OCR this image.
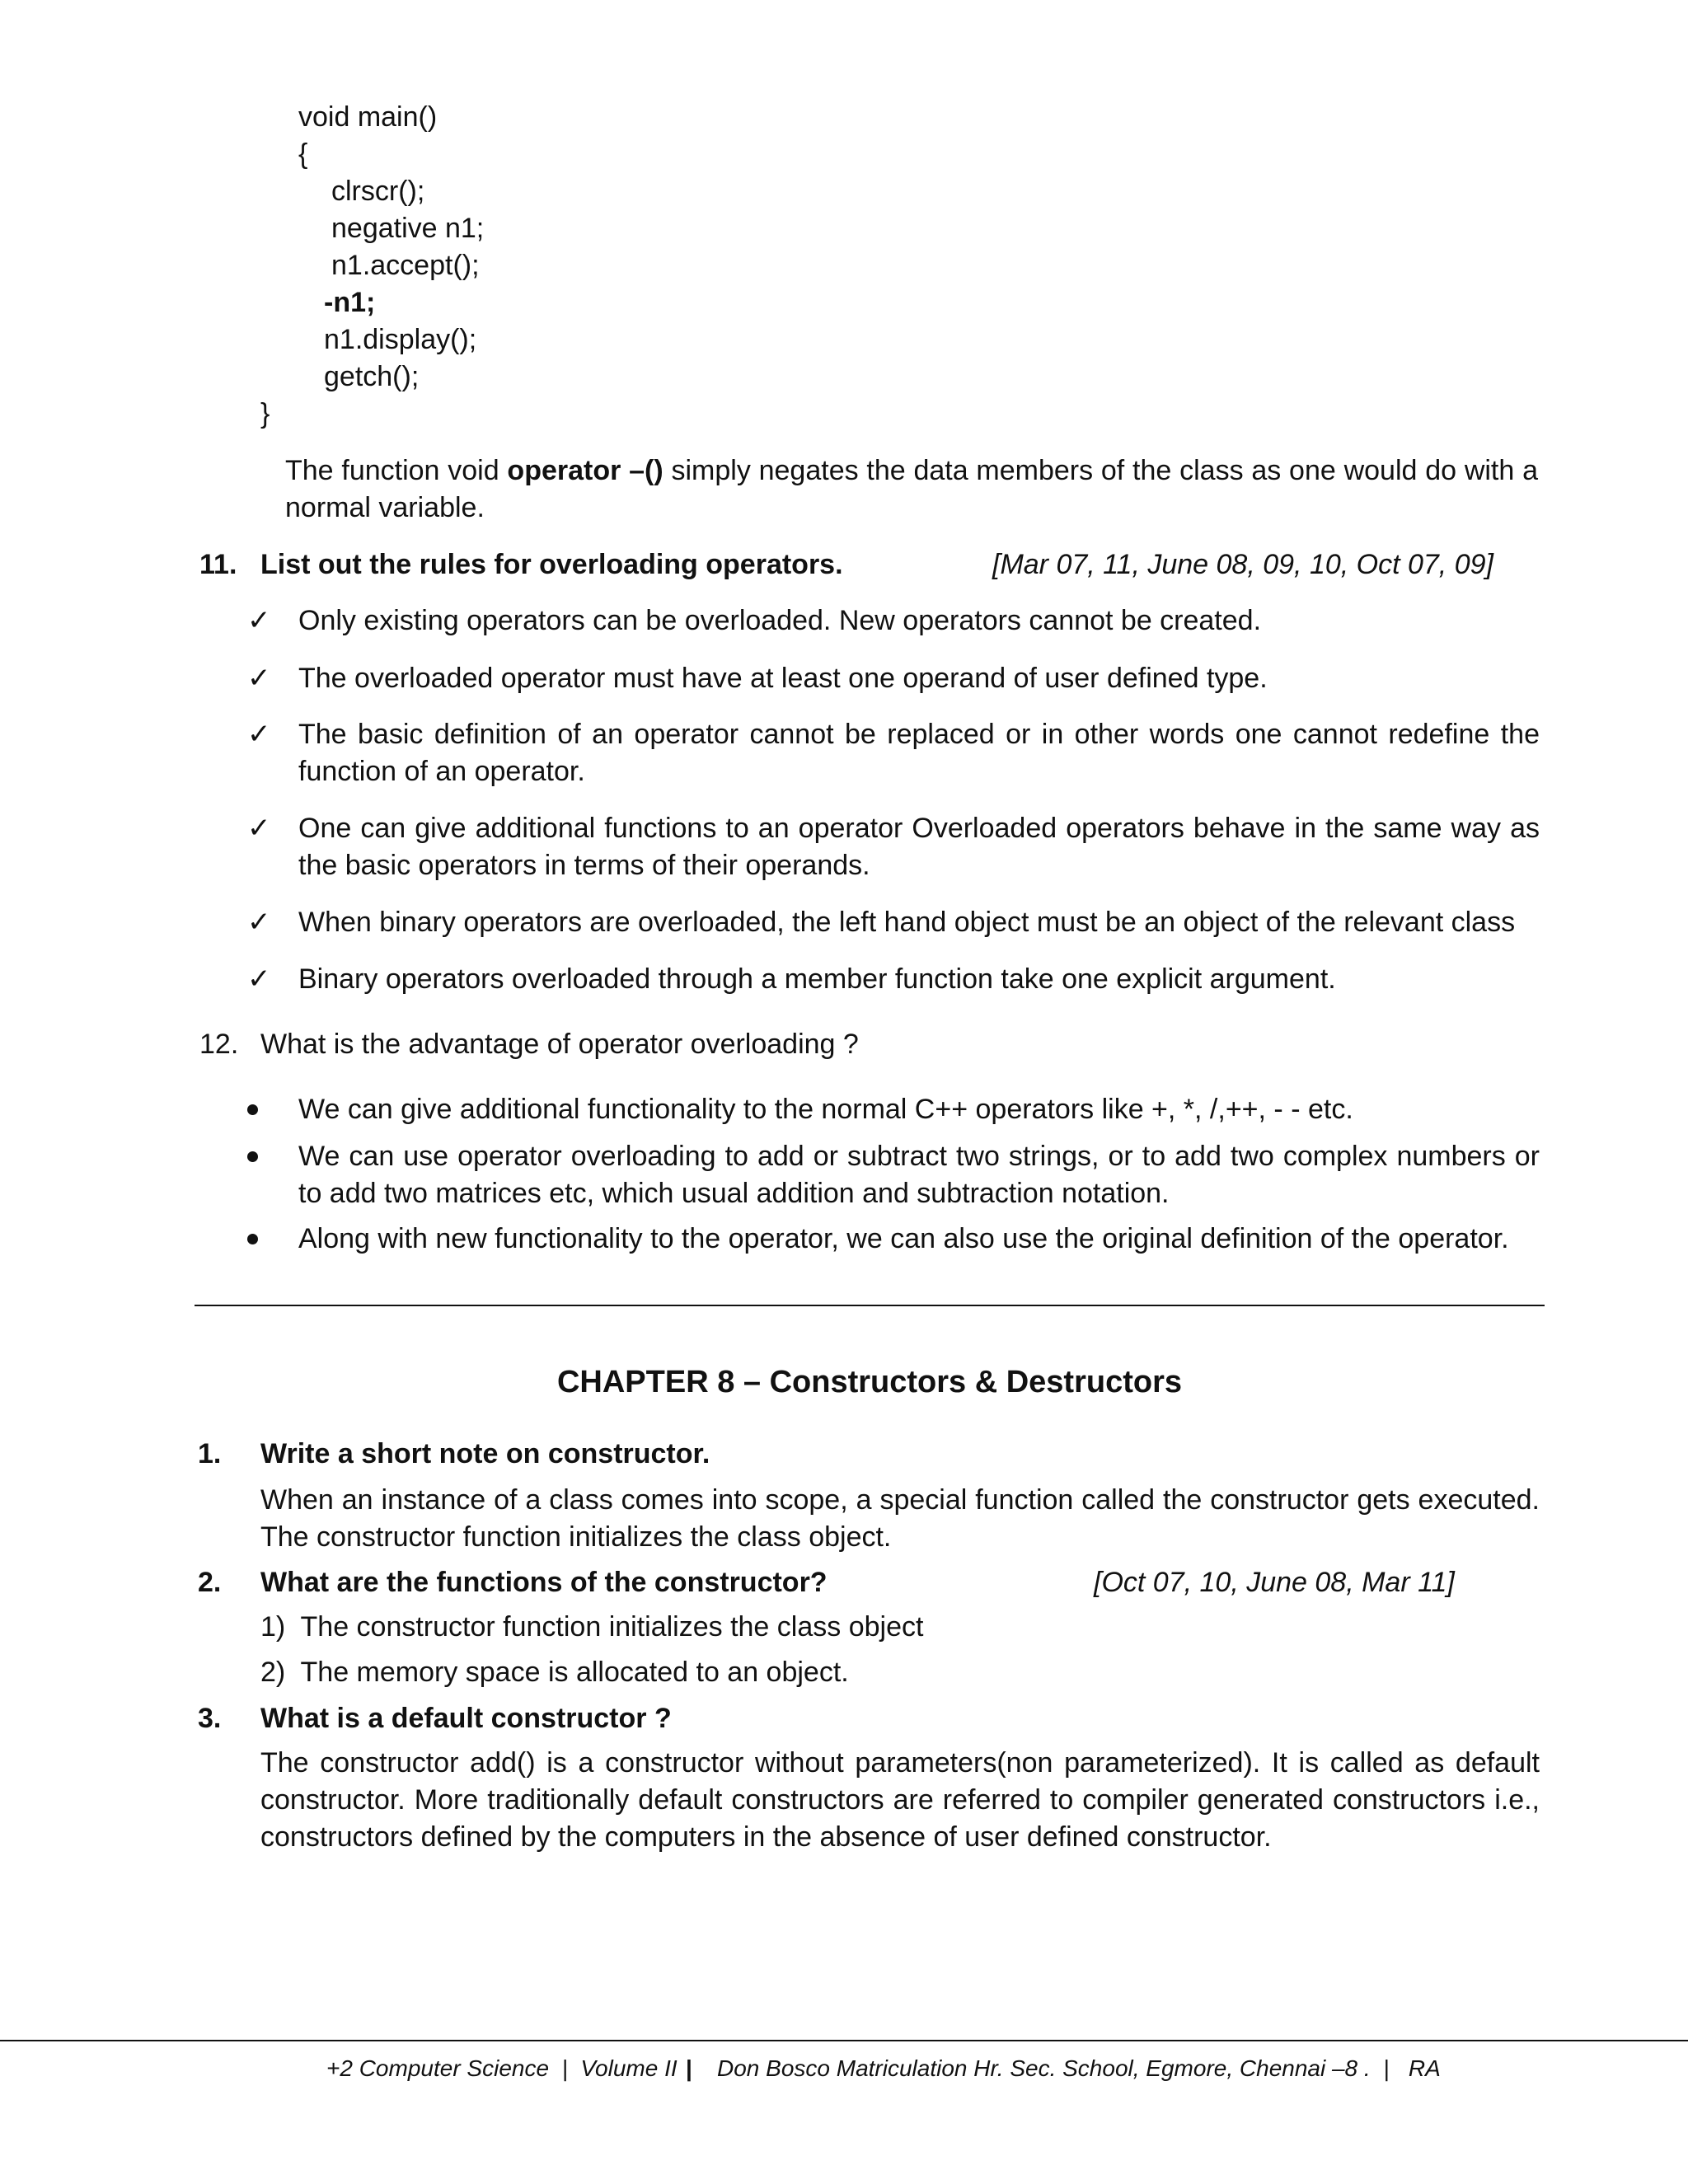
void main()
{
clrscr();
negative n1;
n1.accept();
-n1;
n1.display();
getch();
}
The function void operator –() simply negates the data members of the class as one would do with a normal variable.
11. List out the rules for overloading operators.	[Mar 07, 11, June 08, 09, 10, Oct 07, 09]
✓ Only existing operators can be overloaded. New operators cannot be created.
✓ The overloaded operator must have at least one operand of user defined type.
✓ The basic definition of an operator cannot be replaced or in other words one cannot redefine the function of an operator.
✓ One can give additional functions to an operator Overloaded operators behave in the same way as the basic operators in terms of their operands.
✓ When binary operators are overloaded, the left hand object must be an object of the relevant class
✓ Binary operators overloaded through a member function take one explicit argument.
12. What is the advantage of operator overloading ?
We can give additional functionality to the normal C++ operators like +, *, /,++, - - etc.
We can use operator overloading to add or subtract two strings, or to add two complex numbers or to add two matrices etc, which usual addition and subtraction notation.
Along with new functionality to the operator, we can also use the original definition of the operator.
CHAPTER 8 – Constructors & Destructors
1. Write a short note on constructor.
When an instance of a class comes into scope, a special function called the constructor gets executed. The constructor function initializes the class object.
2. What are the functions of the constructor?	[Oct 07, 10, June 08, Mar 11]
1)  The constructor function initializes the class object
2)  The memory space is allocated to an object.
3. What is a default constructor ?
The constructor add() is a constructor without parameters(non parameterized). It is called as default constructor. More traditionally default constructors are referred to compiler generated constructors i.e., constructors defined by the computers in the absence of user defined constructor.
+2 Computer Science  |  Volume II | Don Bosco Matriculation Hr. Sec. School, Egmore, Chennai –8 .  |   RA
